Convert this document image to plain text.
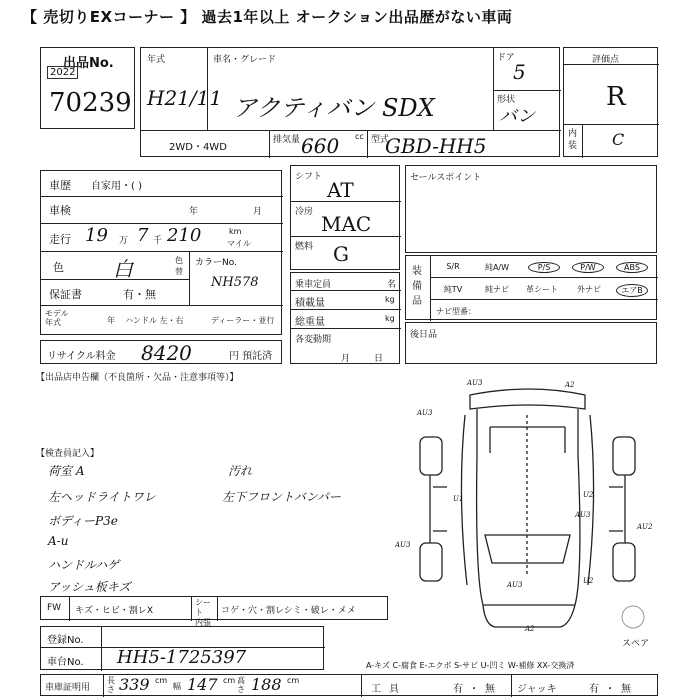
【 売切りEXコーナー 】 過去1年以上 オークション出品歴がない車両
出品No.
2022
70239
年式
H21/11
車名・グレード
アクティバン SDX
ドア
5
形状
バン
2WD・4WD
排気量 660 cc 型式
GBD-HH5
評価点
R
内装 C
車歴 自家用・( )
車検	年	月
走行 19 万 7 千 210	km
マイル
色 白	色替
カラーNo.
NH578
保証書	有・無
モデル年式	年 ハンドル 左・右	ディーラー・並行
シフト
AT
冷房 MAC
燃料 G
乗車定員	名
積載量	kg
総重量	kg
各変動期
月日
セールスポイント
装備品
S/R	純A/W	P/S	P/W	ABS
純TV	純ナビ	革シート	外ナビ	エアB
ナビ型番：
後日品
リサイクル料金 8420	円 預託済
【出品店申告欄（不良箇所・欠品・注意事項等）】
【検査員記入】
荷室 A
左ヘッドライトワレ
ボディーP3e
A-u
ハンドルハゲ
アッシュ板キズ
汚れ
左下フロントバンパー
AU3	A2
AU3
U1	U2
AU3
AU2
AU3
AU3	U2
A2
スペア
FW キズ・ヒビ・割レX
シート 内張
コゲ・穴・割レシミ・破レ・メメ
登録No.
車台No. HH5-1725397	A-キズ C-腐食 E-エクボ S-サビ U-凹ミ W-補修 XX-交換済
車庫証明用
長さ 339 cm
幅 147 cm 高さ 188 cm
工具	有・無 ジャッキ	有・無
